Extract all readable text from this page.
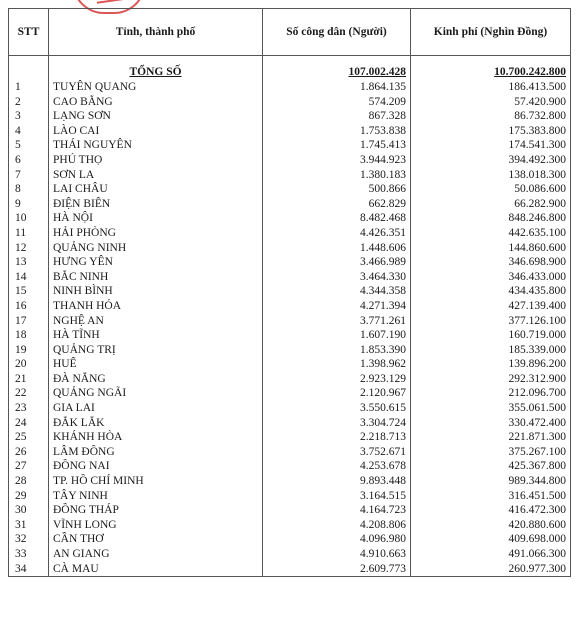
STT	Tỉnh, thành phố	Số công dân (Người)	Kinh phí (Nghìn Đồng)

	TỔNG SỐ	107.002.428	10.700.242.800
1	TUYÊN QUANG	1.864.135	186.413.500
2	CAO BẰNG	574.209	57.420.900
3	LẠNG SƠN	867.328	86.732.800
4	LÀO CAI	1.753.838	175.383.800
5	THÁI NGUYÊN	1.745.413	174.541.300
6	PHÚ THỌ	3.944.923	394.492.300
7	SƠN LA	1.380.183	138.018.300
8	LAI CHÂU	500.866	50.086.600
9	ĐIỆN BIÊN	662.829	66.282.900
10	HÀ NỘI	8.482.468	848.246.800
11	HẢI PHÒNG	4.426.351	442.635.100
12	QUẢNG NINH	1.448.606	144.860.600
13	HƯNG YÊN	3.466.989	346.698.900
14	BẮC NINH	3.464.330	346.433.000
15	NINH BÌNH	4.344.358	434.435.800
16	THANH HÓA	4.271.394	427.139.400
17	NGHỆ AN	3.771.261	377.126.100
18	HÀ TĨNH	1.607.190	160.719.000
19	QUẢNG TRỊ	1.853.390	185.339.000
20	HUẾ	1.398.962	139.896.200
21	ĐÀ NẴNG	2.923.129	292.312.900
22	QUẢNG NGÃI	2.120.967	212.096.700
23	GIA LAI	3.550.615	355.061.500
24	ĐẮK LẮK	3.304.724	330.472.400
25	KHÁNH HÒA	2.218.713	221.871.300
26	LÂM ĐỒNG	3.752.671	375.267.100
27	ĐỒNG NAI	4.253.678	425.367.800
28	TP. HỒ CHÍ MINH	9.893.448	989.344.800
29	TÂY NINH	3.164.515	316.451.500
30	ĐỒNG THÁP	4.164.723	416.472.300
31	VĨNH LONG	4.208.806	420.880.600
32	CẦN THƠ	4.096.980	409.698.000
33	AN GIANG	4.910.663	491.066.300
34	CÀ MAU	2.609.773	260.977.300
